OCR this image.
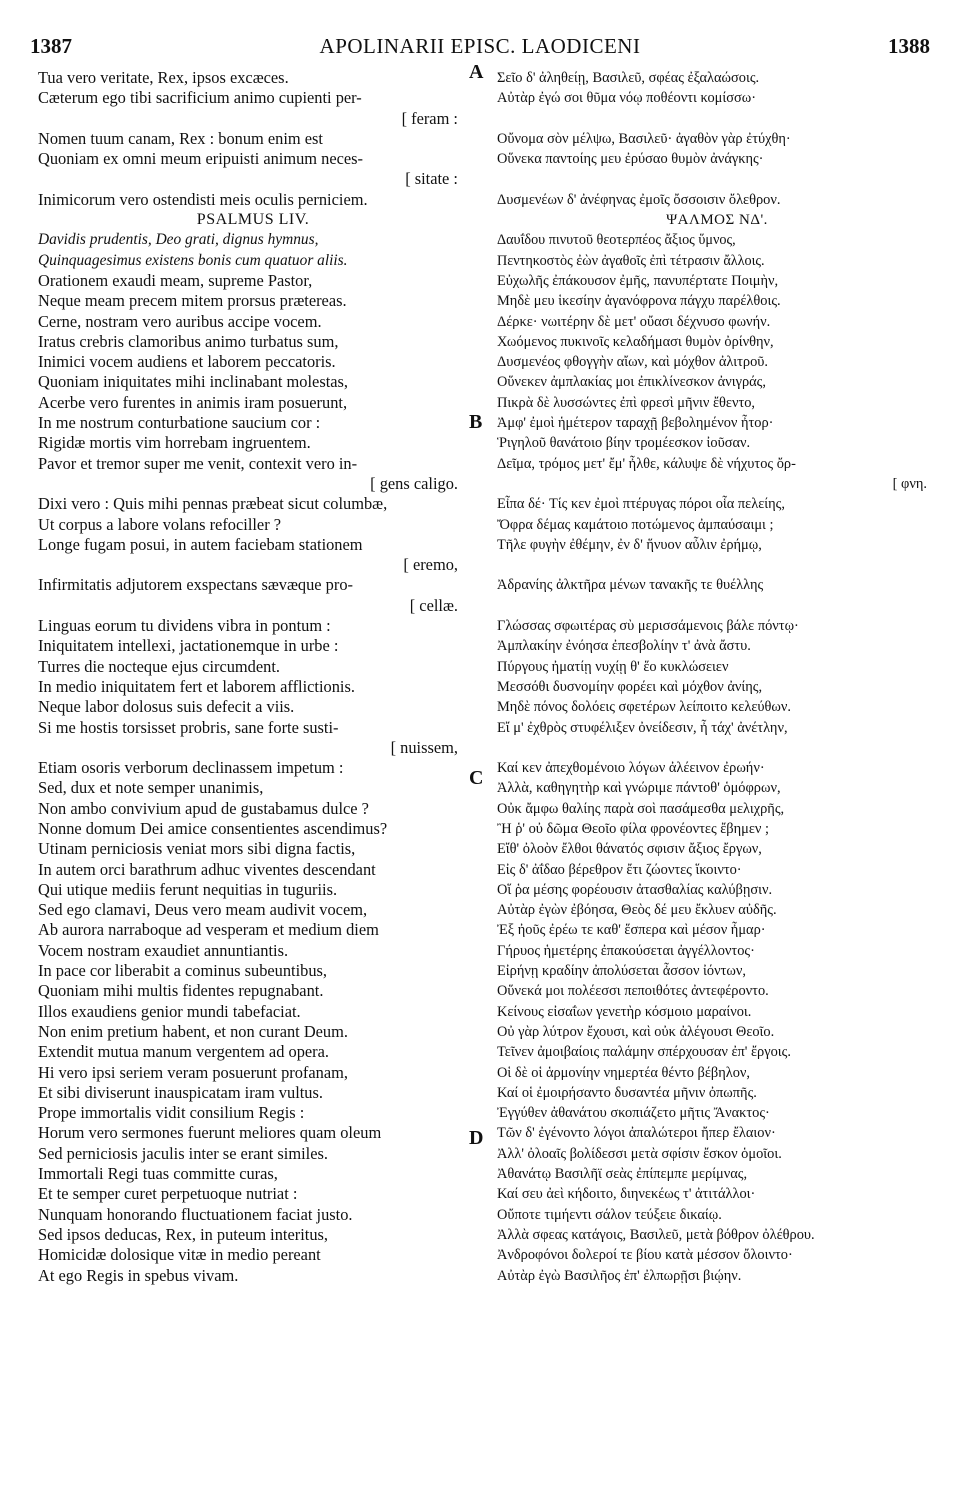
1387	APOLINARII EPISC. LAODICENI	1388
Tua vero veritate, Rex, ipsos excæces.
Cæterum ego tibi sacrificium animo cupienti per-
[ feram :
Nomen tuum canam, Rex : bonum enim est
Quoniam ex omni meum eripuisti animum neces-
[ sitate :
Inimicorum vero ostendisti meis oculis perniciem.
PSALMUS LIV.
Davidis prudentis, Deo grati, dignus hymnus,
Quinquagesimus existens bonis cum quatuor aliis.
Orationem exaudi meam, supreme Pastor,
Neque meam precem mitem prorsus prætereas.
Cerne, nostram vero auribus accipe vocem.
Iratus crebris clamoribus animo turbatus sum,
Inimici vocem audiens et laborem peccatoris.
Quoniam iniquitates mihi inclinabant molestas,
Acerbe vero furentes in animis iram posuerunt,
In me nostrum conturbatione saucium cor :
Rigidæ mortis vim horrebam ingruentem.
Pavor et tremor super me venit, contexit vero in-
[ gens caligo.
Dixi vero : Quis mihi pennas præbeat sicut columbæ,
Ut corpus a labore volans refociller ?
Longe fugam posui, in autem faciebam stationem
[ eremo,
Infirmitatis adjutorem exspectans sævæque pro-
[ cellæ.
Linguas eorum tu dividens vibra in pontum :
Iniquitatem intellexi, jactationemque in urbe :
Turres die nocteque ejus circumdent.
In medio iniquitatem fert et laborem afflictionis.
Neque labor dolosus suis defecit a viis.
Si me hostis torsisset probris, sane forte susti-
[ nuissem,
Etiam osoris verborum declinassem impetum :
Sed, dux et note semper unanimis,
Non ambo convivium apud de gustabamus dulce ?
Nonne domum Dei amice consentientes ascendimus?
Utinam perniciosis veniat mors sibi digna factis,
In autem orci barathrum adhuc viventes descendant
Qui utique mediis ferunt nequitias in tuguriis.
Sed ego clamavi, Deus vero meam audivit vocem,
Ab aurora narraboque ad vesperam et medium diem
Vocem nostram exaudiet annuntiantis.
In pace cor liberabit a cominus subeuntibus,
Quoniam mihi multis fidentes repugnabant.
Illos exaudiens genior mundi tabefaciat.
Non enim pretium habent, et non curant Deum.
Extendit mutua manum vergentem ad opera.
Hi vero ipsi seriem veram posuerunt profanam,
Et sibi diviserunt inauspicatam iram vultus.
Prope immortalis vidit consilium Regis :
Horum vero sermones fuerunt meliores quam oleum
Sed perniciosis jaculis inter se erant similes.
Immortali Regi tuas committe curas,
Et te semper curet perpetuoque nutriat :
Nunquam honorando fluctuationem faciat justo.
Sed ipsos deducas, Rex, in puteum interitus,
Homicidæ dolosique vitæ in medio pereant
At ego Regis in spebus vivam.
Σεῖο δ' ἀληθείῃ, Βασιλεῦ, σφέας ἐξαλαώσοις.
Αὐτὰρ ἐγώ σοι θῦμα νόῳ ποθέοντι κομίσσω·
Οὔνομα σὸν μέλψω, Βασιλεῦ· ἀγαθὸν γὰρ ἐτύχθη·
Οὕνεκα παντοίης μευ ἐρύσαο θυμὸν ἀνάγκης·
Δυσμενέων δ' ἀνέφηνας ἐμοῖς ὄσσοισιν ὄλεθρον.
ΨΑΛΜΟΣ ΝΔ'.
Δαυΐδου πινυτοῦ θεοτερπέος ἄξιος ὕμνος,
Πεντηκοστὸς ἐὼν ἀγαθοῖς ἐπὶ τέτρασιν ἄλλοις.
Εὐχωλῆς ἐπάκουσον ἐμῆς, πανυπέρτατε Ποιμὴν,
Μηδὲ μευ ἱκεσίην ἀγανόφρονα πάγχυ παρέλθοις.
Δέρκε· νωιτέρην δὲ μετ' οὔασι δέχνυσο φωνήν.
Χωόμενος πυκινοῖς κελαδήμασι θυμὸν ὀρίνθην,
Δυσμενέος φθογγὴν αἴων, καὶ μόχθον ἀλιτροῦ.
Οὕνεκεν ἀμπλακίας μοι ἐπικλίνεσκον ἀνιγράς,
Πικρὰ δὲ λυσσώντες ἐπὶ φρεσὶ μῆνιν ἔθεντο,
Ἀμφ' ἐμοὶ ἡμέτερον ταραχῇ βεβολημένον ἦτορ·
Ῥιγηλοῦ θανάτοιο βίην τρομέεσκον ἰοῦσαν.
Δεῖμα, τρόμος μετ' ἔμ' ἦλθε, κάλυψε δὲ νήχυτος ὄρ-
[ φνη.
Εἶπα δέ· Τίς κεν ἐμοὶ πτέρυγας πόροι οἷα πελείης,
Ὄφρα δέμας καμάτοιο ποτώμενος ἀμπαύσαιμι ;
Τῆλε φυγὴν ἐθέμην, ἐν δ' ἥνυον αὖλιν ἐρήμῳ,
Ἀδρανίης ἀλκτῆρα μένων τανακῆς τε θυέλλης
Γλώσσας σφωιτέρας σὺ μερισσάμενοις βάλε πόντῳ·
Ἀμπλακίην ἐνόησα ἐπεσβολίην τ' ἀνὰ ἄστυ.
Πύργους ἠματίῃ νυχίῃ θ' ἕο κυκλώσειεν
Μεσσόθι δυσνομίην φορέει καὶ μόχθον ἀνίης,
Μηδὲ πόνος δολόεις σφετέρων λείποιτο κελεύθων.
Εἴ μ' ἐχθρὸς στυφέλιξεν ὀνείδεσιν, ἦ τάχ' ἀνέτλην,
Καί κεν ἀπεχθομένοιο λόγων ἀλέεινον ἐρωήν·
Ἀλλὰ, καθηγητὴρ καὶ γνώριμε πάντοθ' ὁμόφρων,
Οὐκ ἄμφω θαλίης παρὰ σοὶ πασάμεσθα μελιχρῆς,
Ἢ ῥ' οὐ δῶμα Θεοῖο φίλα φρονέοντες ἔβημεν ;
Εἴθ' ὀλοὸν ἔλθοι θάνατός σφισιν ἄξιος ἔργων,
Εἰς δ' ἀΐδαο βέρεθρον ἔτι ζώοντες ἵκοιντο·
Οἵ ῥα μέσης φορέουσιν ἀτασθαλίας καλύβῃσιν.
Αὐτὰρ ἐγὼν ἐβόησα, Θεὸς δέ μευ ἔκλυεν αὐδῆς.
Ἐξ ἠοῦς ἐρέω τε καθ' ἕσπερα καὶ μέσον ἦμαρ·
Γήρυος ἡμετέρης ἐπακούσεται ἀγγέλλοντος·
Εἰρήνῃ κραδίην ἀπολύσεται ἆσσον ἰόντων,
Οὕνεκά μοι πολέεσσι πεποιθότες ἀντεφέροντο.
Κείνους εἰσαΐων γενετὴρ κόσμοιο μαραίνοι.
Οὐ γὰρ λύτρον ἔχουσι, καὶ οὐκ ἀλέγουσι Θεοῖο.
Τεῖνεν ἀμοιβαίοις παλάμην σπέρχουσαν ἐπ' ἔργοις.
Οἱ δὲ οἱ ἁρμονίην νημερτέα θέντο βέβηλον,
Καί οἱ ἐμοιρήσαντο δυσαντέα μῆνιν ὀπωπῆς.
Ἐγγύθεν ἀθανάτου σκοπιάζετο μῆτις Ἄνακτος·
Τῶν δ' ἐγένοντο λόγοι ἀπαλώτεροι ἤπερ ἔλαιον·
Ἀλλ' ὀλοαῖς βολίδεσσι μετὰ σφίσιν ἔσκον ὁμοῖοι.
Ἀθανάτῳ Βασιλῆϊ σεὰς ἐπίπεμπε μερίμνας,
Καί σευ ἀεὶ κήδοιτο, διηνεκέως τ' ἀτιτάλλοι·
Οὔποτε τιμήεντι σάλον τεύξειε δικαίῳ.
Ἀλλὰ σφεας κατάγοις, Βασιλεῦ, μετὰ βόθρον ὀλέθρου.
Ἀνδροφόνοι δολεροί τε βίου κατὰ μέσσον ὄλοιντο·
Αὐτὰρ ἐγὼ Βασιλῆος ἐπ' ἐλπωρῇσι βιῴην.
A
B
C
D
